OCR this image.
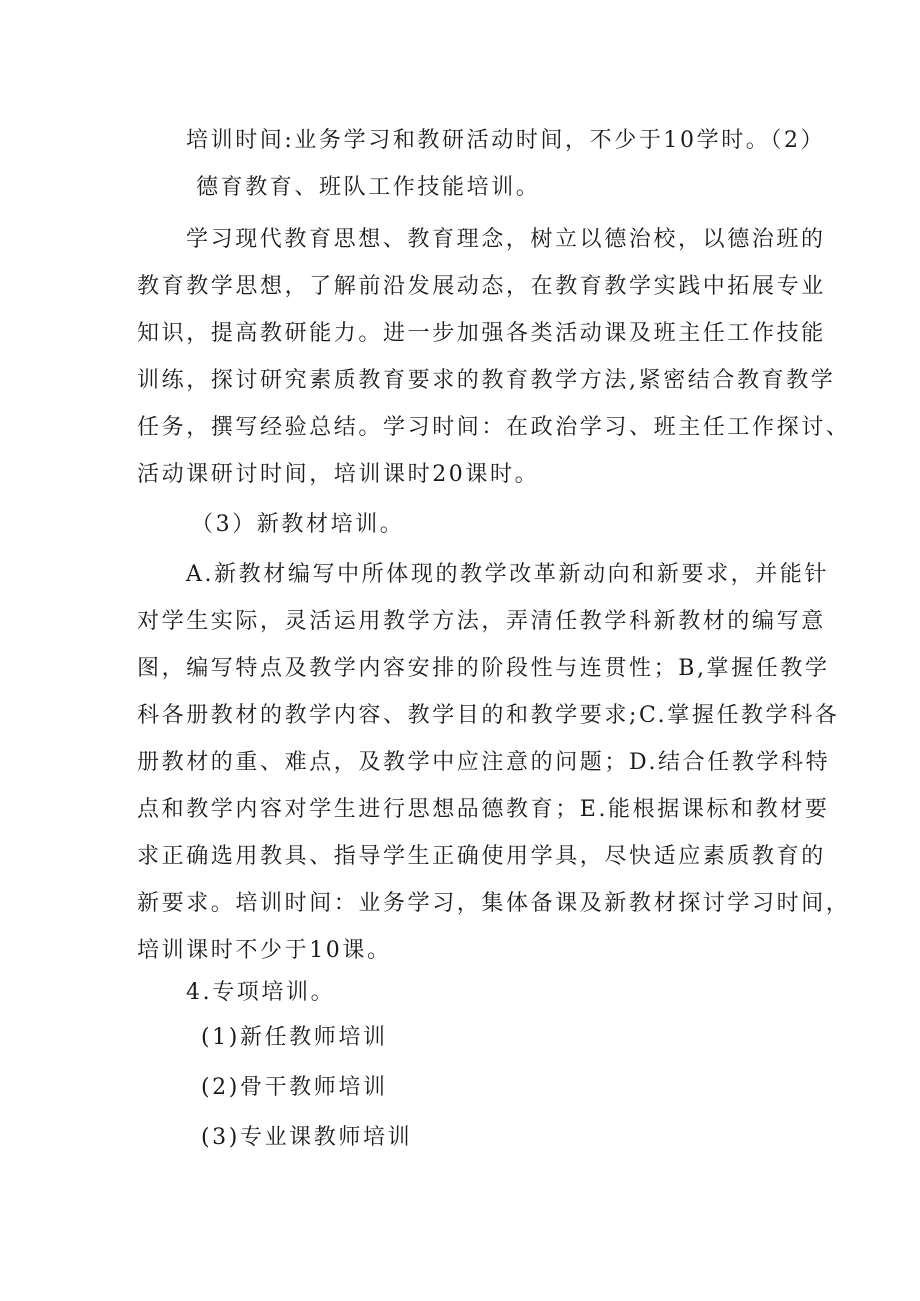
培训时间:业务学习和教研活动时间，不少于10学时。（2）
德育教育、班队工作技能培训。
学习现代教育思想、教育理念，树立以德治校，以德治班的
教育教学思想，了解前沿发展动态，在教育教学实践中拓展专业
知识，提高教研能力。进一步加强各类活动课及班主任工作技能
训练，探讨研究素质教育要求的教育教学方法,紧密结合教育教学
任务，撰写经验总结。学习时间：在政治学习、班主任工作探讨、
活动课研讨时间，培训课时20课时。
（3）新教材培训。
A.新教材编写中所体现的教学改革新动向和新要求，并能针
对学生实际，灵活运用教学方法，弄清任教学科新教材的编写意
图，编写特点及教学内容安排的阶段性与连贯性；B,掌握任教学
科各册教材的教学内容、教学目的和教学要求;C.掌握任教学科各
册教材的重、难点，及教学中应注意的问题；D.结合任教学科特
点和教学内容对学生进行思想品德教育；E.能根据课标和教材要
求正确选用教具、指导学生正确使用学具，尽快适应素质教育的
新要求。培训时间：业务学习，集体备课及新教材探讨学习时间，
培训课时不少于10课。
4.专项培训。
(1)新任教师培训
(2)骨干教师培训
(3)专业课教师培训
